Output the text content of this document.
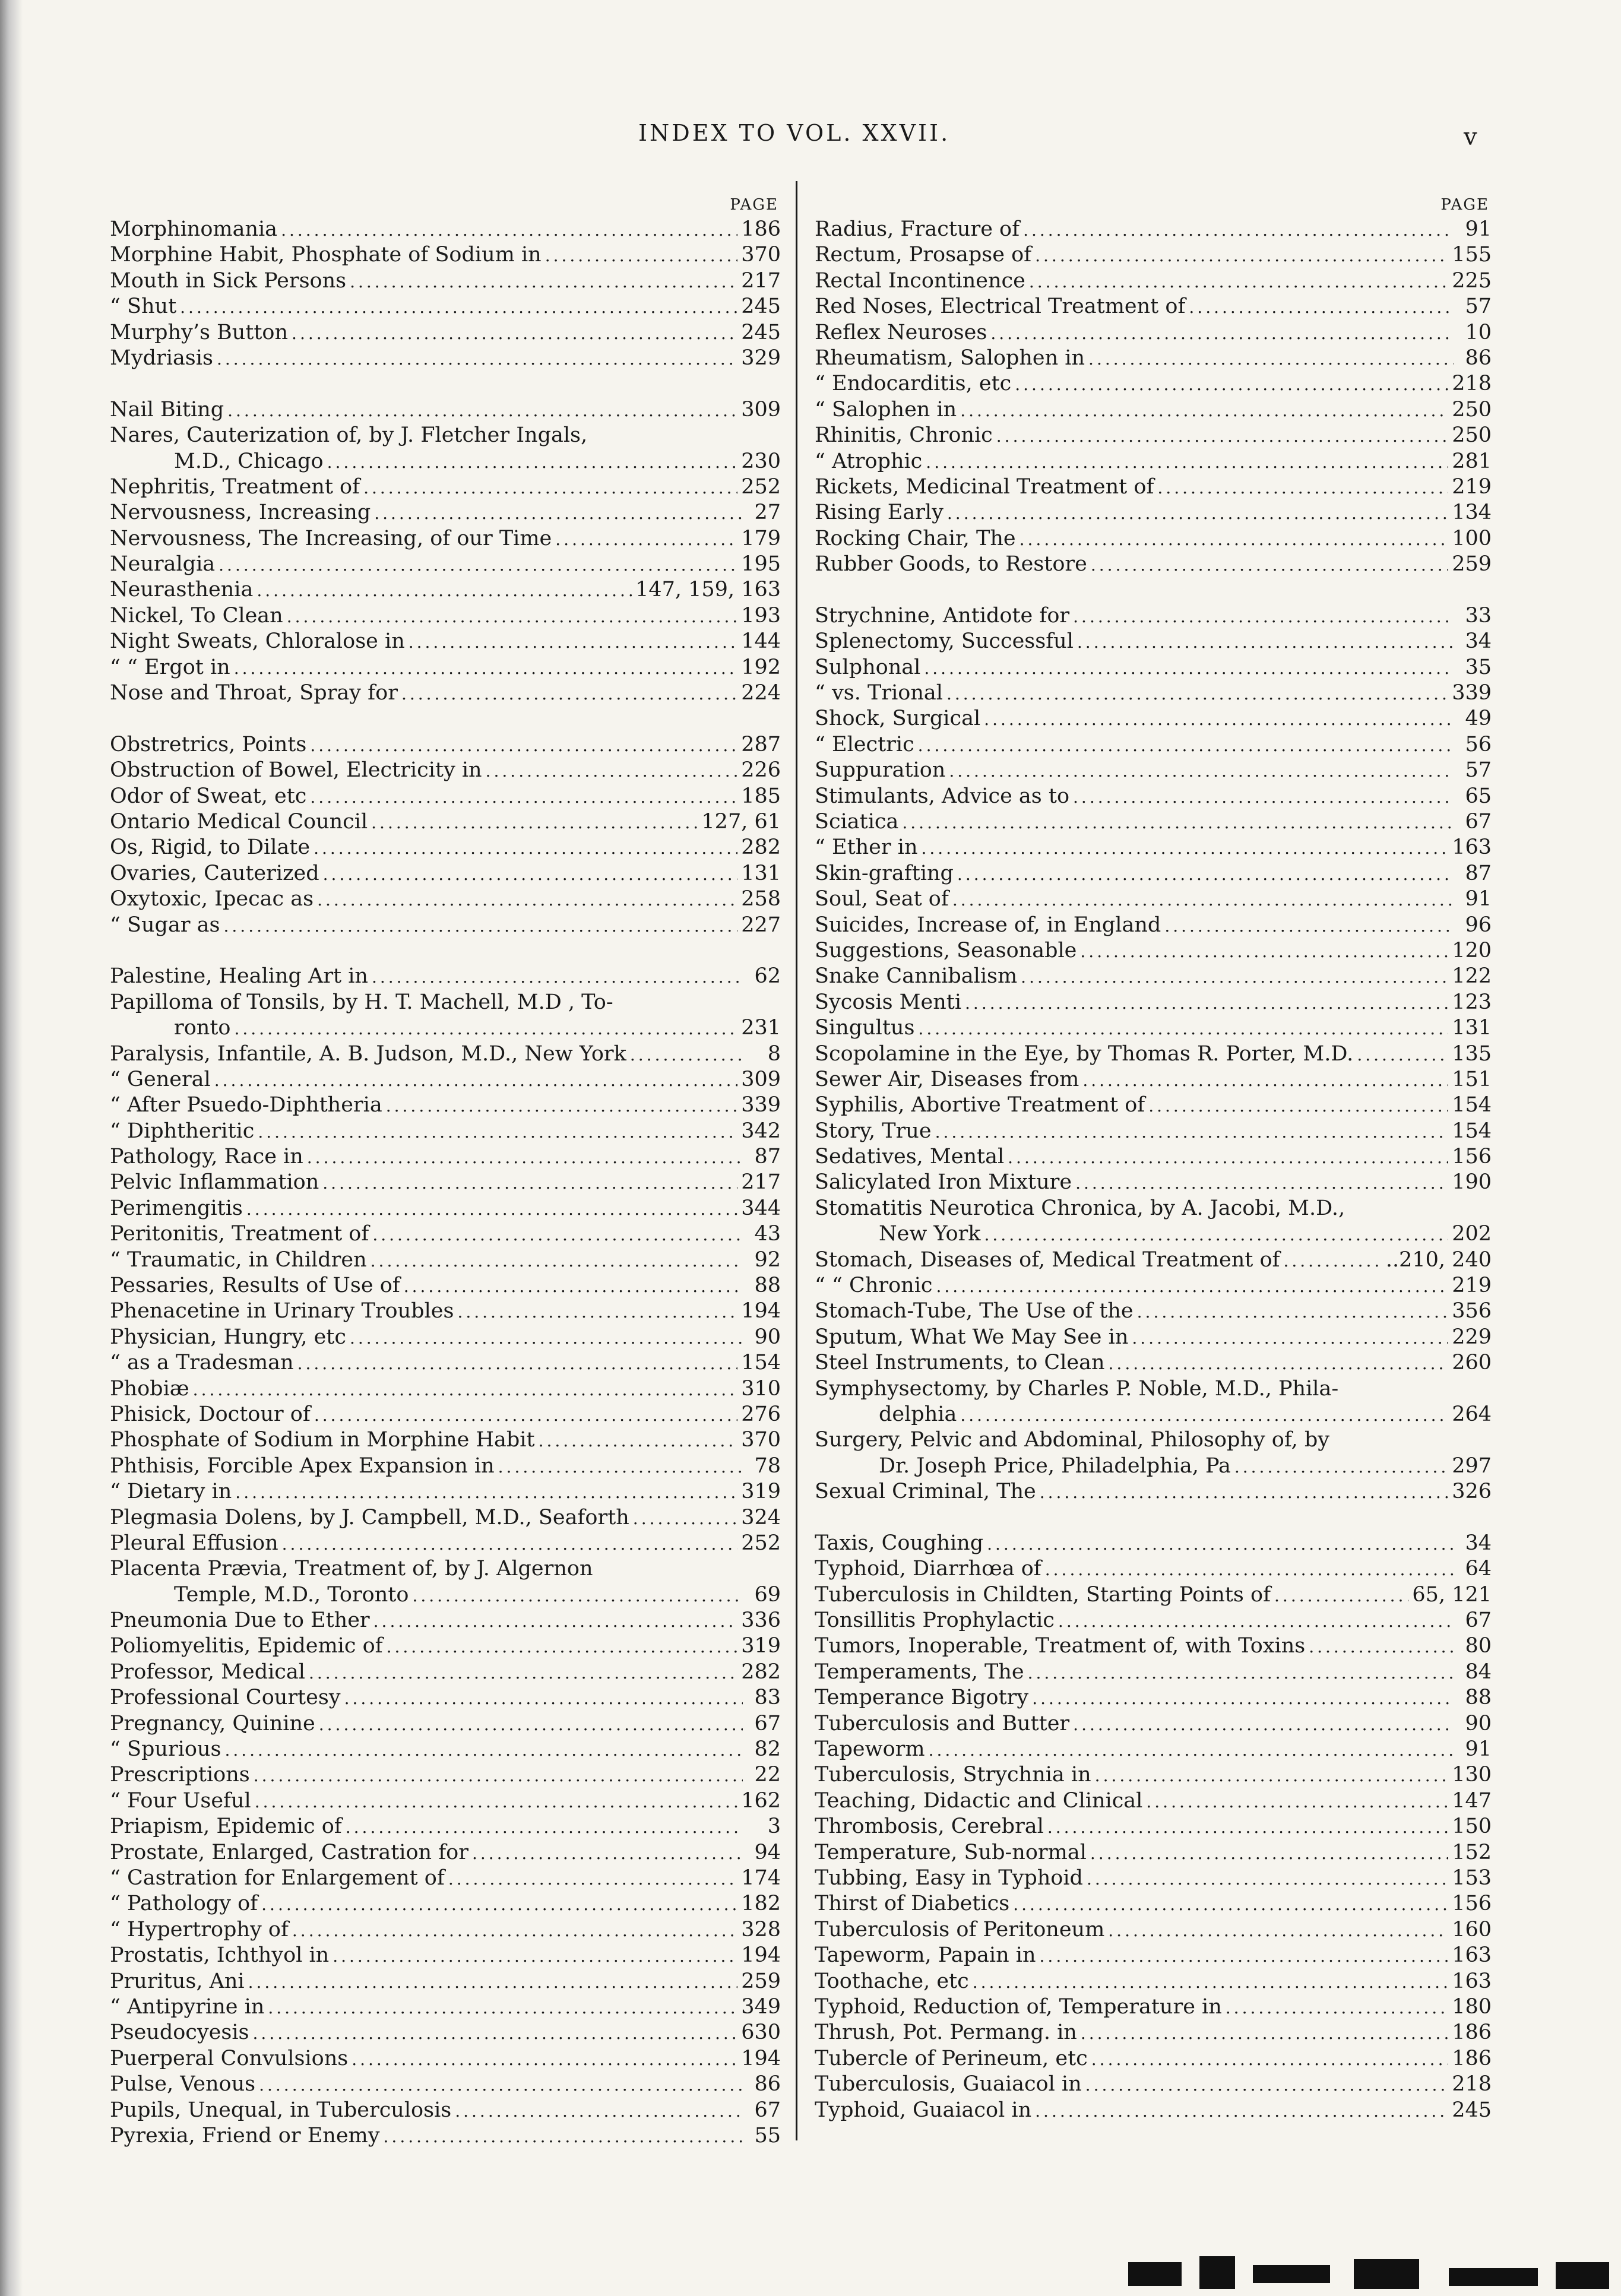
INDEX TO VOL. XXVII.	v
PAGE
Morphinomania .....	186
Morphine Habit, Phosphate of Sodium in .....	370
Mouth in Sick Persons .....	217
“ Shut .....	245
Murphy’s Button .....	245
Mydriasis .....	329
Nail Biting .....	309
Nares, Cauterization of, by J. Fletcher Ingals,
M.D., Chicago .....	230
Nephritis, Treatment of .....	252
Nervousness, Increasing .....	27
Nervousness, The Increasing, of our Time .....	179
Neuralgia .....	195
Neurasthenia .....	147, 159, 163
Nickel, To Clean .....	193
Night Sweats, Chloralose in .....	144
“ “ Ergot in .....	192
Nose and Throat, Spray for .....	224
Obstretrics, Points .....	287
Obstruction of Bowel, Electricity in .....	226
Odor of Sweat, etc .....	185
Ontario Medical Council .....	127, 61
Os, Rigid, to Dilate .....	282
Ovaries, Cauterized .....	131
Oxytoxic, Ipecac as .....	258
“ Sugar as .....	227
Palestine, Healing Art in .....	62
Papilloma of Tonsils, by H. T. Machell, M.D , To-
ronto .....	231
Paralysis, Infantile, A. B. Judson, M.D., New York .....	8
“ General .....	309
“ After Psuedo-Diphtheria .....	339
“ Diphtheritic .....	342
Pathology, Race in .....	87
Pelvic Inflammation .....	217
Perimengitis .....	344
Peritonitis, Treatment of .....	43
“ Traumatic, in Children .....	92
Pessaries, Results of Use of .....	88
Phenacetine in Urinary Troubles .....	194
Physician, Hungry, etc .....	90
“ as a Tradesman .....	154
Phobiæ .....	310
Phisick, Doctour of .....	276
Phosphate of Sodium in Morphine Habit .....	370
Phthisis, Forcible Apex Expansion in .....	78
“ Dietary in .....	319
Plegmasia Dolens, by J. Campbell, M.D., Seaforth .....	324
Pleural Effusion .....	252
Placenta Prævia, Treatment of, by J. Algernon
Temple, M.D., Toronto .....	69
Pneumonia Due to Ether .....	336
Poliomyelitis, Epidemic of .....	319
Professor, Medical .....	282
Professional Courtesy .....	83
Pregnancy, Quinine .....	67
“ Spurious .....	82
Prescriptions .....	22
“ Four Useful .....	162
Priapism, Epidemic of .....	3
Prostate, Enlarged, Castration for .....	94
“ Castration for Enlargement of .....	174
“ Pathology of .....	182
“ Hypertrophy of .....	328
Prostatis, Ichthyol in .....	194
Pruritus, Ani .....	259
“ Antipyrine in .....	349
Pseudocyesis .....	630
Puerperal Convulsions .....	194
Pulse, Venous .....	86
Pupils, Unequal, in Tuberculosis .....	67
Pyrexia, Friend or Enemy .....	55
PAGE
Radius, Fracture of .....	91
Rectum, Prosapse of .....	155
Rectal Incontinence .....	225
Red Noses, Electrical Treatment of .....	57
Reflex Neuroses .....	10
Rheumatism, Salophen in .....	86
“ Endocarditis, etc .....	218
“ Salophen in .....	250
Rhinitis, Chronic .....	250
“ Atrophic .....	281
Rickets, Medicinal Treatment of .....	219
Rising Early .....	134
Rocking Chair, The .....	100
Rubber Goods, to Restore .....	259
Strychnine, Antidote for .....	33
Splenectomy, Successful .....	34
Sulphonal .....	35
“ vs. Trional .....	339
Shock, Surgical .....	49
“ Electric .....	56
Suppuration .....	57
Stimulants, Advice as to .....	65
Sciatica .....	67
“ Ether in .....	163
Skin-grafting .....	87
Soul, Seat of .....	91
Suicides, Increase of, in England .....	96
Suggestions, Seasonable .....	120
Snake Cannibalism .....	122
Sycosis Menti .....	123
Singultus .....	131
Scopolamine in the Eye, by Thomas R. Porter, M.D. .....	135
Sewer Air, Diseases from .....	151
Syphilis, Abortive Treatment of .....	154
Story, True .....	154
Sedatives, Mental .....	156
Salicylated Iron Mixture .....	190
Stomatitis Neurotica Chronica, by A. Jacobi, M.D.,
New York .....	202
Stomach, Diseases of, Medical Treatment of .....	..210, 240
“ “ Chronic .....	219
Stomach-Tube, The Use of the .....	356
Sputum, What We May See in .....	229
Steel Instruments, to Clean .....	260
Symphysectomy, by Charles P. Noble, M.D., Phila-
delphia .....	264
Surgery, Pelvic and Abdominal, Philosophy of, by
Dr. Joseph Price, Philadelphia, Pa .....	297
Sexual Criminal, The .....	326
Taxis, Coughing .....	34
Typhoid, Diarrhœa of .....	64
Tuberculosis in Childten, Starting Points of .....	65, 121
Tonsillitis Prophylactic .....	67
Tumors, Inoperable, Treatment of, with Toxins .....	80
Temperaments, The .....	84
Temperance Bigotry .....	88
Tuberculosis and Butter .....	90
Tapeworm .....	91
Tuberculosis, Strychnia in .....	130
Teaching, Didactic and Clinical .....	147
Thrombosis, Cerebral .....	150
Temperature, Sub-normal .....	152
Tubbing, Easy in Typhoid .....	153
Thirst of Diabetics .....	156
Tuberculosis of Peritoneum .....	160
Tapeworm, Papain in .....	163
Toothache, etc .....	163
Typhoid, Reduction of, Temperature in .....	180
Thrush, Pot. Permang. in .....	186
Tubercle of Perineum, etc .....	186
Tuberculosis, Guaiacol in .....	218
Typhoid, Guaiacol in .....	245
